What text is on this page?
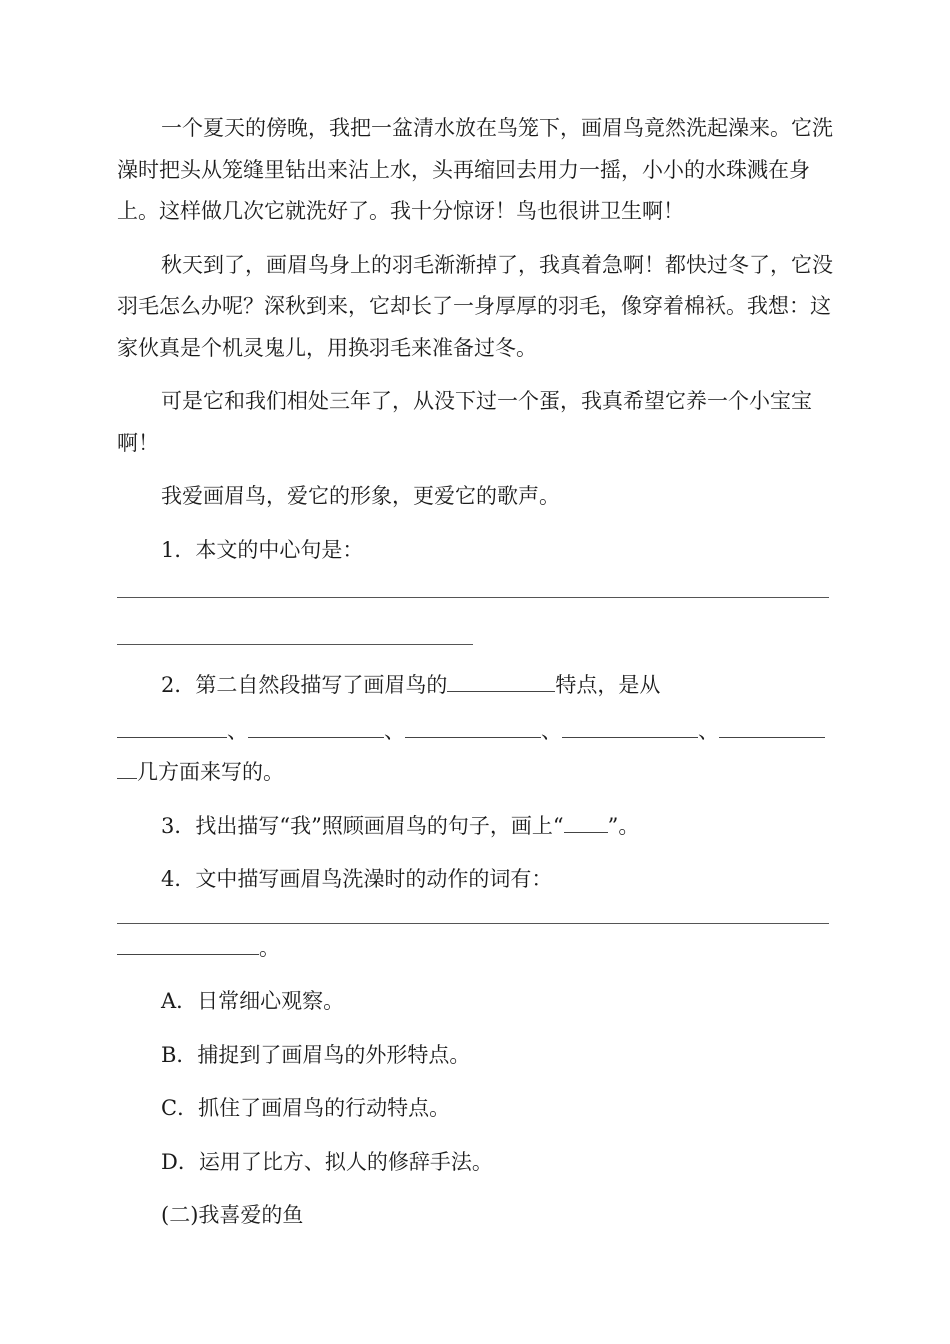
一个夏天的傍晚，我把一盆清水放在鸟笼下，画眉鸟竟然洗起澡来。它洗澡时把头从笼缝里钻出来沾上水，头再缩回去用力一摇，小小的水珠溅在身上。这样做几次它就洗好了。我十分惊讶！鸟也很讲卫生啊！

秋天到了，画眉鸟身上的羽毛渐渐掉了，我真着急啊！都快过冬了，它没羽毛怎么办呢？深秋到来，它却长了一身厚厚的羽毛，像穿着棉袄。我想：这家伙真是个机灵鬼儿，用换羽毛来准备过冬。

可是它和我们相处三年了，从没下过一个蛋，我真希望它养一个小宝宝啊！

我爱画眉鸟，爱它的形象，更爱它的歌声。

1．本文的中心句是：

2．第二自然段描写了画眉鸟的	特点，是从

、	、	、	、

几方面来写的。

3．找出描写“我”照顾画眉鸟的句子，画上“ ”。

4．文中描写画眉鸟洗澡时的动作的词有：

。

A．日常细心观察。

B．捕捉到了画眉鸟的外形特点。

C．抓住了画眉鸟的行动特点。

D．运用了比方、拟人的修辞手法。

(二)我喜爱的鱼
